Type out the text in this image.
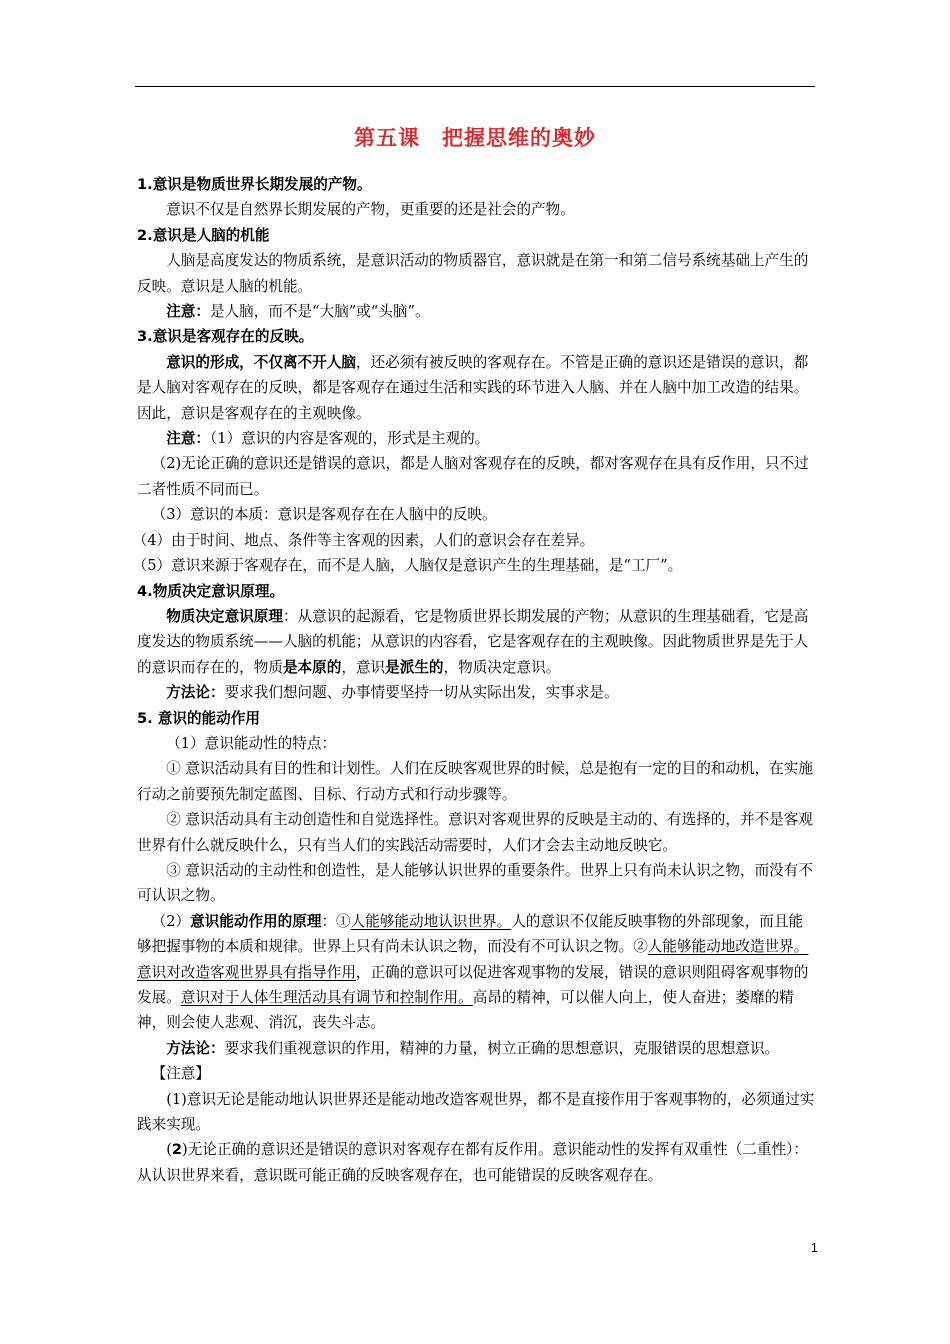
第五课　把握思维的奥妙

1.意识是物质世界长期发展的产物。

意识不仅是自然界长期发展的产物，更重要的还是社会的产物。

2.意识是人脑的机能

人脑是高度发达的物质系统，是意识活动的物质器官，意识就是在第一和第二信号系统基础上产生的反映。意识是人脑的机能。

注意：是人脑，而不是“大脑”或“头脑”。

3.意识是客观存在的反映。

意识的形成，不仅离不开人脑，还必须有被反映的客观存在。不管是正确的意识还是错误的意识，都是人脑对客观存在的反映，都是客观存在通过生活和实践的环节进入人脑、并在人脑中加工改造的结果。因此，意识是客观存在的主观映像。

注意：（1）意识的内容是客观的，形式是主观的。

（2)无论正确的意识还是错误的意识，都是人脑对客观存在的反映，都对客观存在具有反作用，只不过二者性质不同而已。

（3）意识的本质：意识是客观存在在人脑中的反映。

（4）由于时间、地点、条件等主客观的因素，人们的意识会存在差异。

（5）意识来源于客观存在，而不是人脑，人脑仅是意识产生的生理基础，是“工厂”。

4.物质决定意识原理。

物质决定意识原理：从意识的起源看，它是物质世界长期发展的产物；从意识的生理基础看，它是高度发达的物质系统——人脑的机能；从意识的内容看，它是客观存在的主观映像。因此物质世界是先于人的意识而存在的，物质是本原的，意识是派生的，物质决定意识。

方法论：要求我们想问题、办事情要坚持一切从实际出发，实事求是。

5. 意识的能动作用

（1）意识能动性的特点：

① 意识活动具有目的性和计划性。人们在反映客观世界的时候，总是抱有一定的目的和动机，在实施行动之前要预先制定蓝图、目标、行动方式和行动步骤等。

② 意识活动具有主动创造性和自觉选择性。意识对客观世界的反映是主动的、有选择的，并不是客观世界有什么就反映什么，只有当人们的实践活动需要时，人们才会去主动地反映它。

③ 意识活动的主动性和创造性，是人能够认识世界的重要条件。世界上只有尚未认识之物，而没有不可认识之物。

（2）意识能动作用的原理：①人能够能动地认识世界。人的意识不仅能反映事物的外部现象，而且能够把握事物的本质和规律。世界上只有尚未认识之物，而没有不可认识之物。②人能够能动地改造世界。意识对改造客观世界具有指导作用，正确的意识可以促进客观事物的发展，错误的意识则阻碍客观事物的发展。意识对于人体生理活动具有调节和控制作用。高昂的精神，可以催人向上，使人奋进；萎靡的精神，则会使人悲观、消沉，丧失斗志。

方法论：要求我们重视意识的作用，精神的力量，树立正确的思想意识，克服错误的思想意识。

【注意】

(1)意识无论是能动地认识世界还是能动地改造客观世界，都不是直接作用于客观事物的，必须通过实践来实现。

(2)无论正确的意识还是错误的意识对客观存在都有反作用。意识能动性的发挥有双重性（二重性）：从认识世界来看，意识既可能正确的反映客观存在，也可能错误的反映客观存在。

1
